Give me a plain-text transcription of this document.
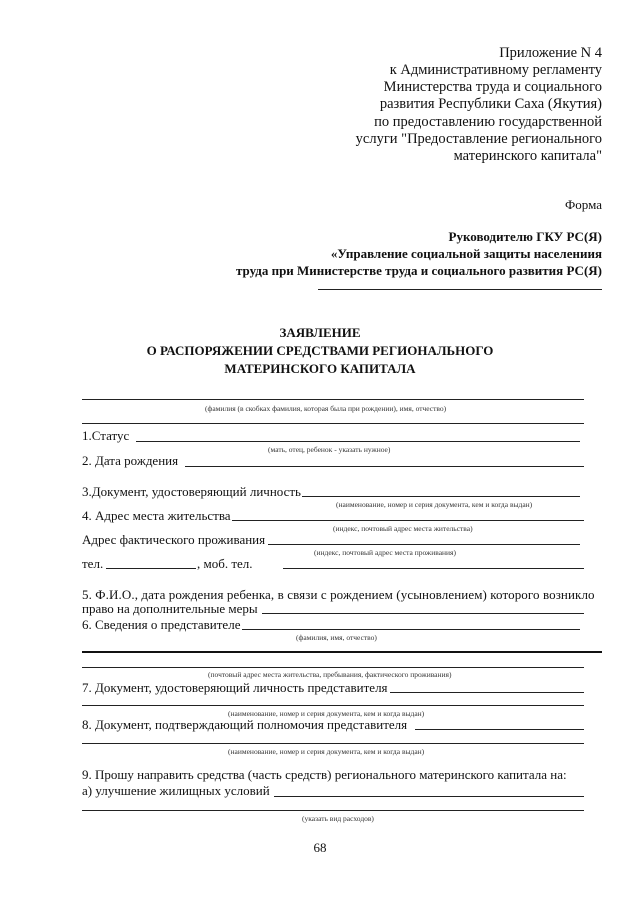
Приложение N 4
к Административному регламенту
Министерства труда и социального
развития Республики Саха (Якутия)
по предоставлению государственной
услуги "Предоставление регионального
материнского капитала"
Форма
Руководителю ГКУ РС(Я)
«Управление социальной защиты населениия
труда при Министерстве труда и социального развития РС(Я)
ЗАЯВЛЕНИЕ
О РАСПОРЯЖЕНИИ СРЕДСТВАМИ РЕГИОНАЛЬНОГО
МАТЕРИНСКОГО КАПИТАЛА
(фамилия (в скобках фамилия, которая была при рождении), имя, отчество)
1.Статус
(мать, отец, ребенок - указать нужное)
2. Дата рождения
3.Документ, удостоверяющий личность
(наименование, номер и серия документа, кем и когда выдан)
4. Адрес места жительства
(индекс, почтовый адрес места жительства)
Адрес фактического проживания
(индекс, почтовый адрес места проживания)
тел.	, моб. тел.
5. Ф.И.О., дата рождения ребенка, в связи с рождением (усыновлением) которого возникло
право на дополнительные меры
6. Сведения о представителе
(фамилия, имя, отчество)
(почтовый адрес места жительства, пребывания, фактического проживания)
7. Документ, удостоверяющий личность представителя
(наименование, номер и серия документа, кем и когда выдан)
8. Документ, подтверждающий полномочия представителя
(наименование, номер и серия документа, кем и когда выдан)
9. Прошу направить средства (часть средств) регионального материнского капитала на:
а) улучшение жилищных условий
(указать вид расходов)
68
